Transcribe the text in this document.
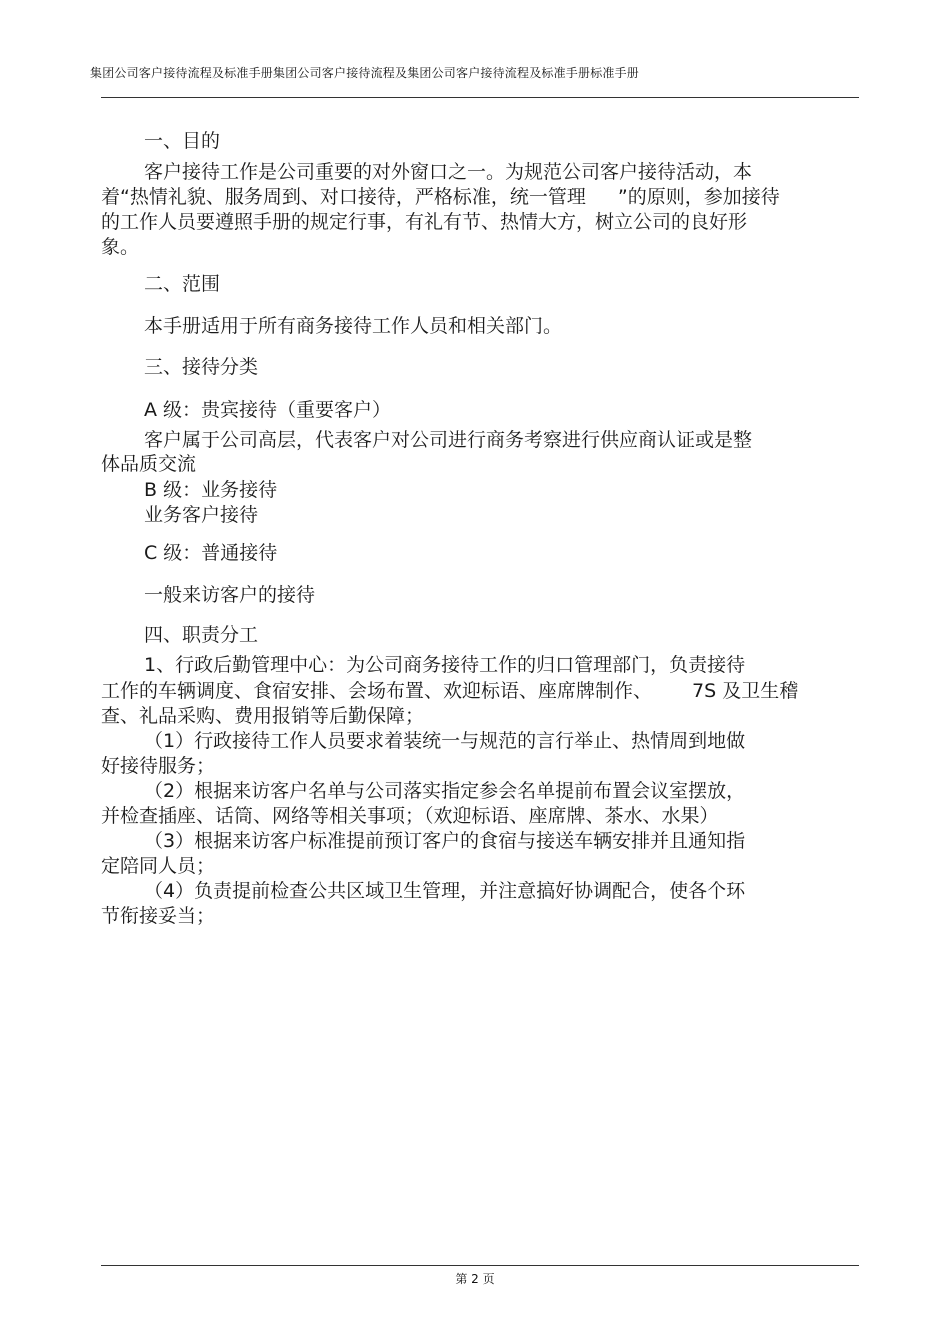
集团公司客户接待流程及标准手册集团公司客户接待流程及集团公司客户接待流程及标准手册标准手册
一、目的
客户接待工作是公司重要的对外窗口之一。为规范公司客户接待活动，本
着“热情礼貌、服务周到、对口接待，严格标准，统一管理 ”的原则，参加接待
的工作人员要遵照手册的规定行事，有礼有节、热情大方，树立公司的良好形
象。
二、范围
本手册适用于所有商务接待工作人员和相关部门。
三、接待分类
A 级：贵宾接待（重要客户）
客户属于公司高层，代表客户对公司进行商务考察进行供应商认证或是整
体品质交流
B 级：业务接待
业务客户接待
C 级：普通接待
一般来访客户的接待
四、职责分工
1、行政后勤管理中心：为公司商务接待工作的归口管理部门，负责接待
工作的车辆调度、食宿安排、会场布置、欢迎标语、座席牌制作、 7S 及卫生稽
查、礼品采购、费用报销等后勤保障；
（1）行政接待工作人员要求着装统一与规范的言行举止、热情周到地做
好接待服务；
（2）根据来访客户名单与公司落实指定参会名单提前布置会议室摆放，
并检查插座、话筒、网络等相关事项；（欢迎标语、座席牌、茶水、水果）
（3）根据来访客户标准提前预订客户的食宿与接送车辆安排并且通知指
定陪同人员；
（4）负责提前检查公共区域卫生管理，并注意搞好协调配合，使各个环
节衔接妥当；
第 2 页
